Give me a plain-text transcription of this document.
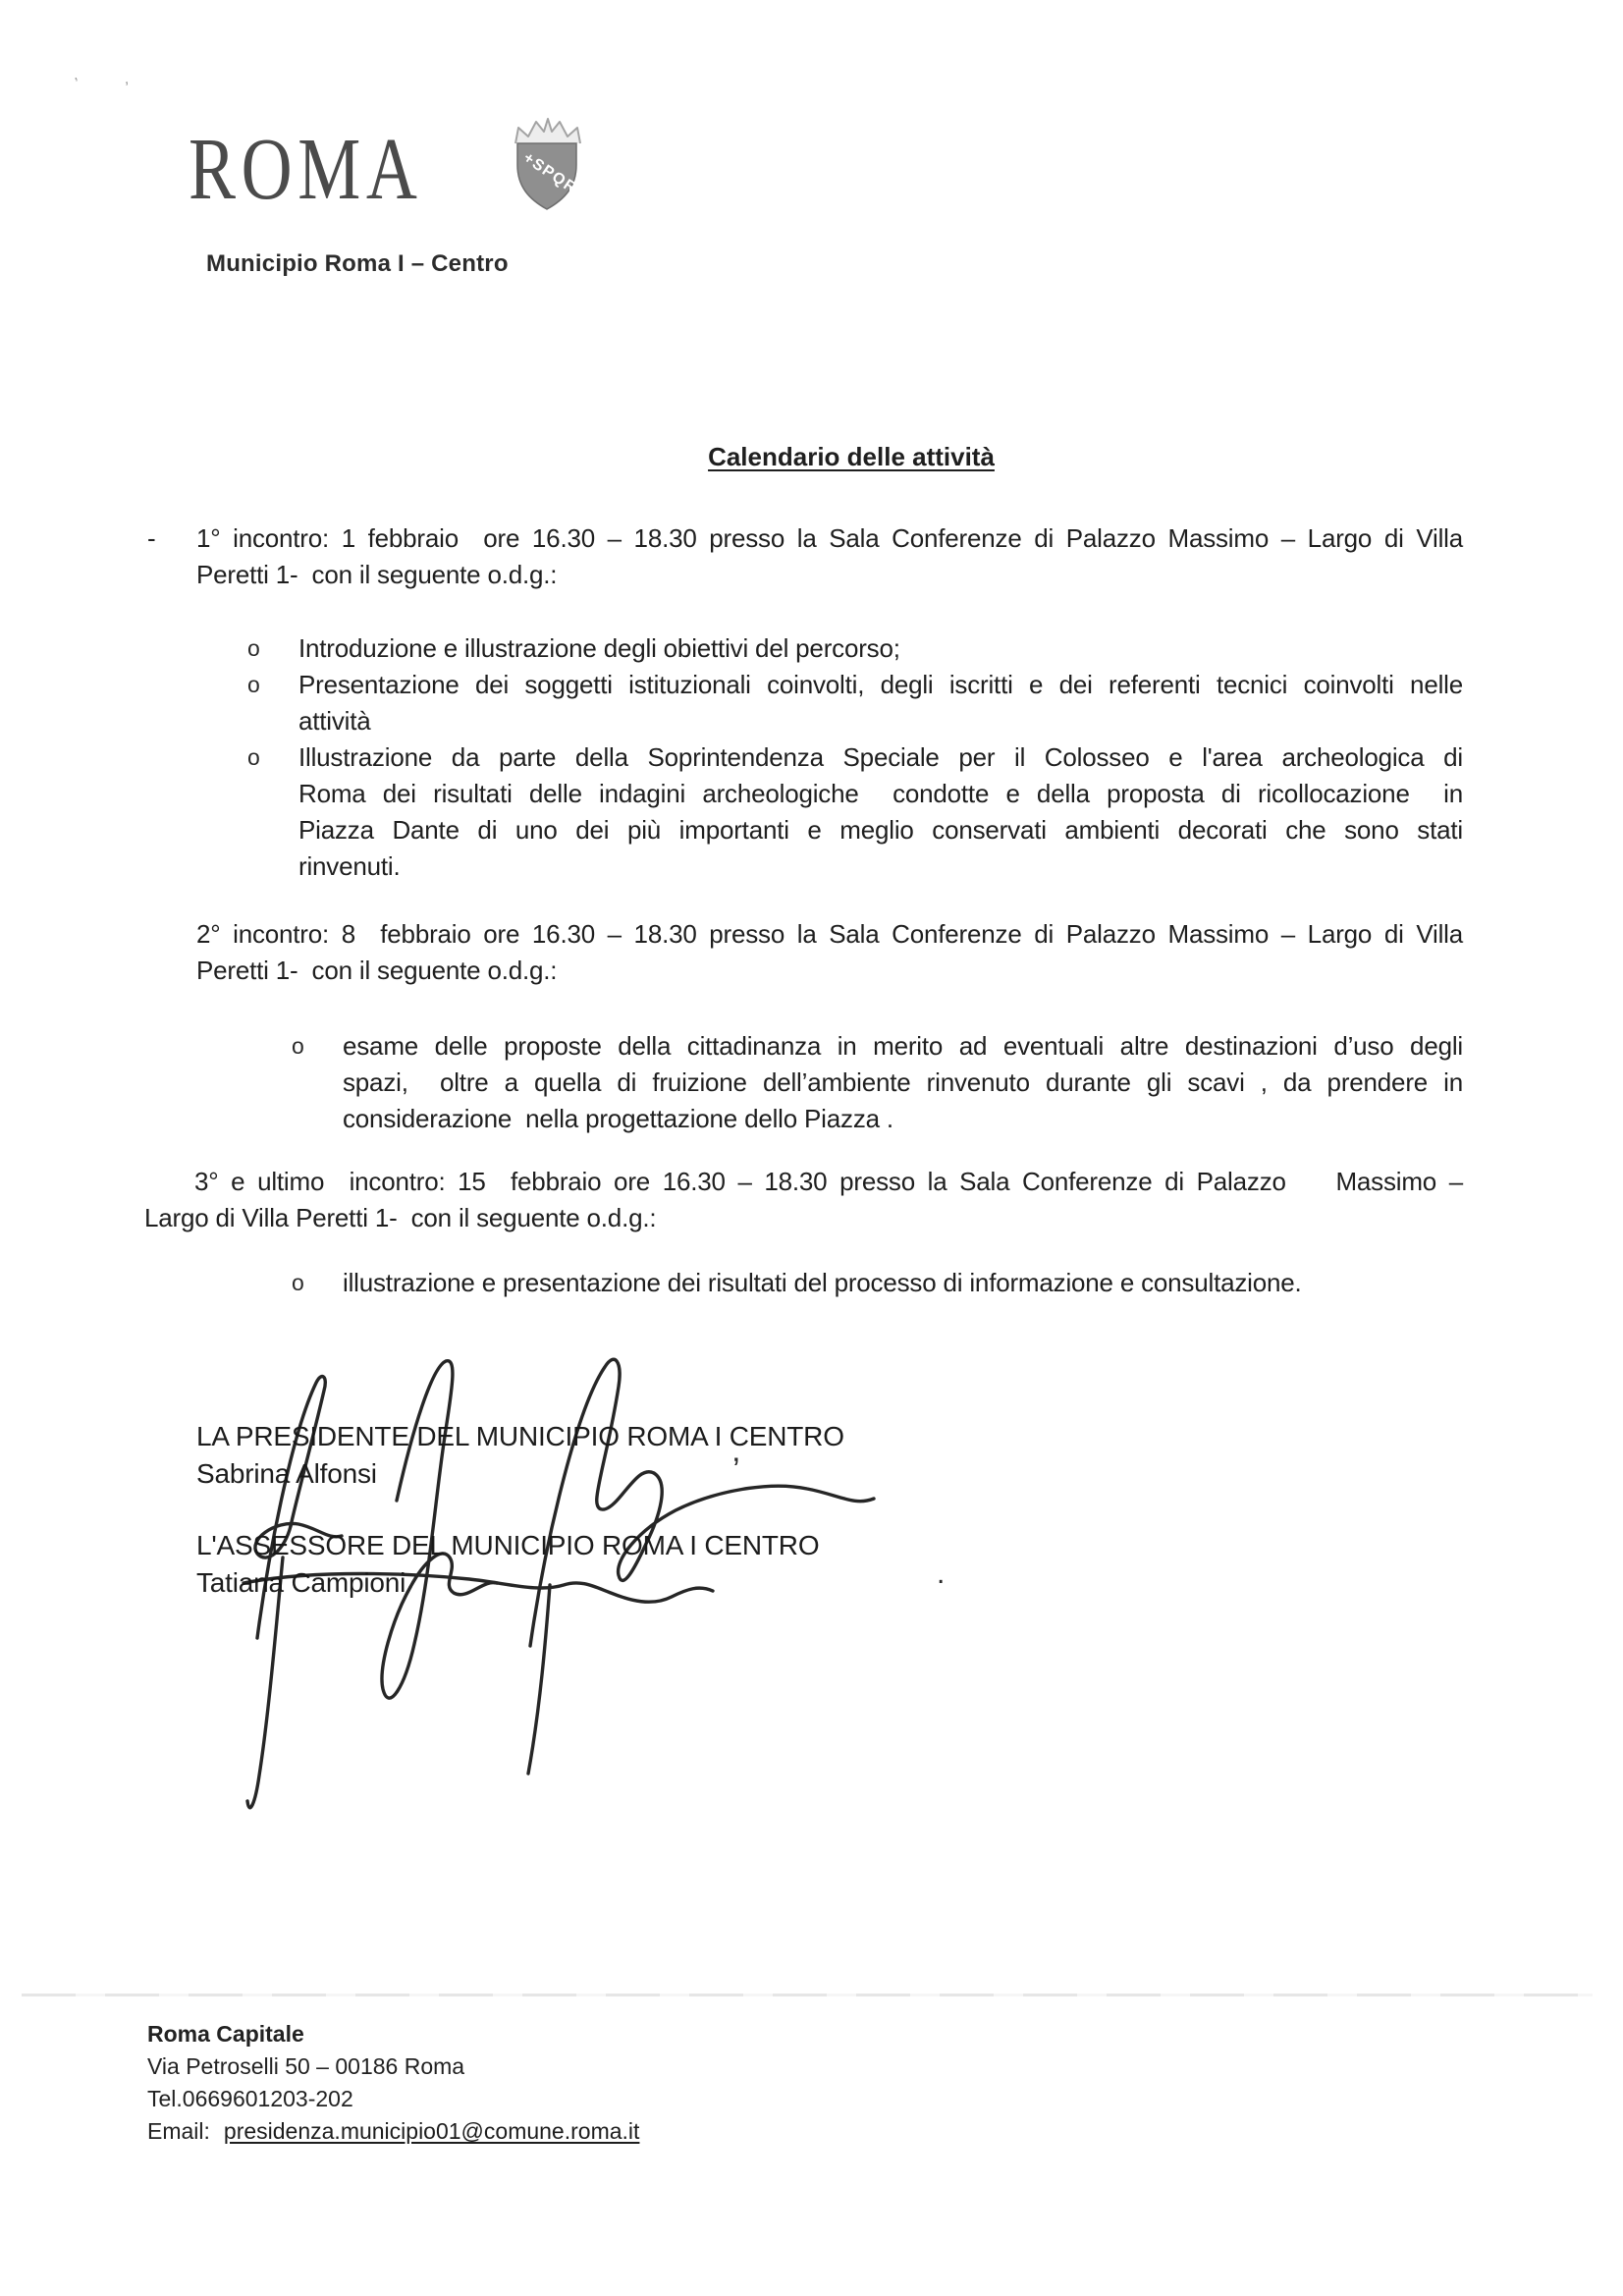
,	,
ROMA
Municipio Roma I – Centro
+SPQR
Calendario delle attività
- 1° incontro: 1 febbraio  ore 16.30 – 18.30 presso la Sala Conferenze di Palazzo Massimo – Largo di Villa
Peretti 1-  con il seguente o.d.g.:
o	Introduzione e illustrazione degli obiettivi del percorso;
o	Presentazione dei soggetti istituzionali coinvolti, degli iscritti e dei referenti tecnici coinvolti nelle
attività
o	Illustrazione da parte della Soprintendenza Speciale per il Colosseo e l'area archeologica di
Roma dei risultati delle indagini archeologiche  condotte e della proposta di ricollocazione  in
Piazza Dante di uno dei più importanti e meglio conservati ambienti decorati che sono stati
rinvenuti.
2° incontro: 8  febbraio ore 16.30 – 18.30 presso la Sala Conferenze di Palazzo Massimo – Largo di Villa
Peretti 1-  con il seguente o.d.g.:
o	esame delle proposte della cittadinanza in merito ad eventuali altre destinazioni d’uso degli
spazi,  oltre a quella di fruizione dell’ambiente rinvenuto durante gli scavi , da prendere in
considerazione  nella progettazione dello Piazza .
3° e ultimo  incontro: 15  febbraio ore 16.30 – 18.30 presso la Sala Conferenze di Palazzo    Massimo –
Largo di Villa Peretti 1-  con il seguente o.d.g.:
o	illustrazione e presentazione dei risultati del processo di informazione e consultazione.
LA PRESIDENTE DEL MUNICIPIO ROMA I CENTRO
Sabrina Alfonsi
L'ASSESSORE DEL MUNICIPIO ROMA I CENTRO
Tatiana Campioni
’
.
Roma Capitale
Via Petroselli 50 – 00186 Roma
Tel.0669601203-202
Email: presidenza.municipio01@comune.roma.it
